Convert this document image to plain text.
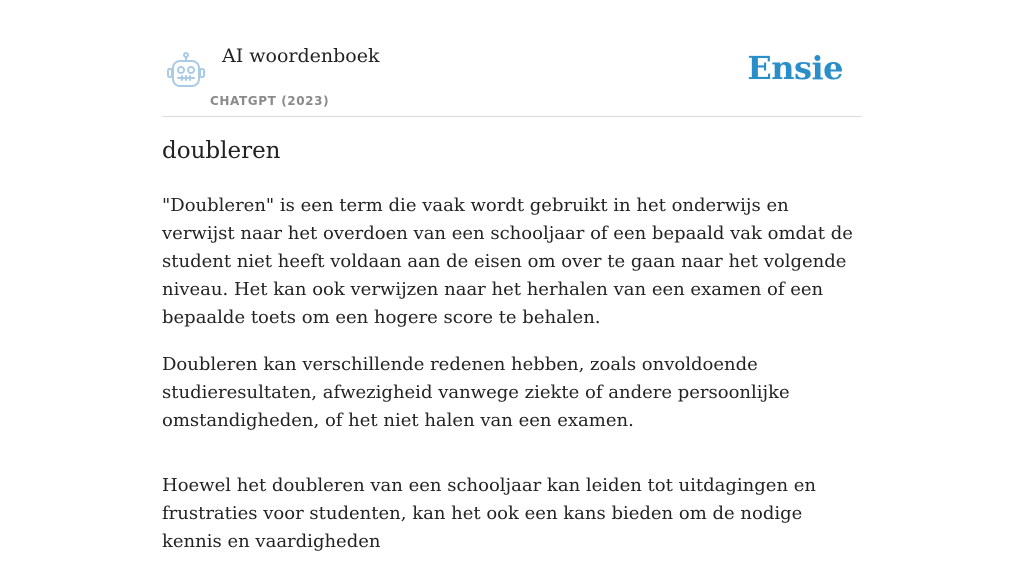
AI woordenboek
CHATGPT (2023)
Ensie
doubleren

"Doubleren" is een term die vaak wordt gebruikt in het onderwijs en verwijst naar het overdoen van een schooljaar of een bepaald vak omdat de student niet heeft voldaan aan de eisen om over te gaan naar het volgende niveau. Het kan ook verwijzen naar het herhalen van een examen of een bepaalde toets om een hogere score te behalen.

Doubleren kan verschillende redenen hebben, zoals onvoldoende studieresultaten, afwezigheid vanwege ziekte of andere persoonlijke omstandigheden, of het niet halen van een examen.

Hoewel het doubleren van een schooljaar kan leiden tot uitdagingen en frustraties voor studenten, kan het ook een kans bieden om de nodige kennis en vaardigheden
